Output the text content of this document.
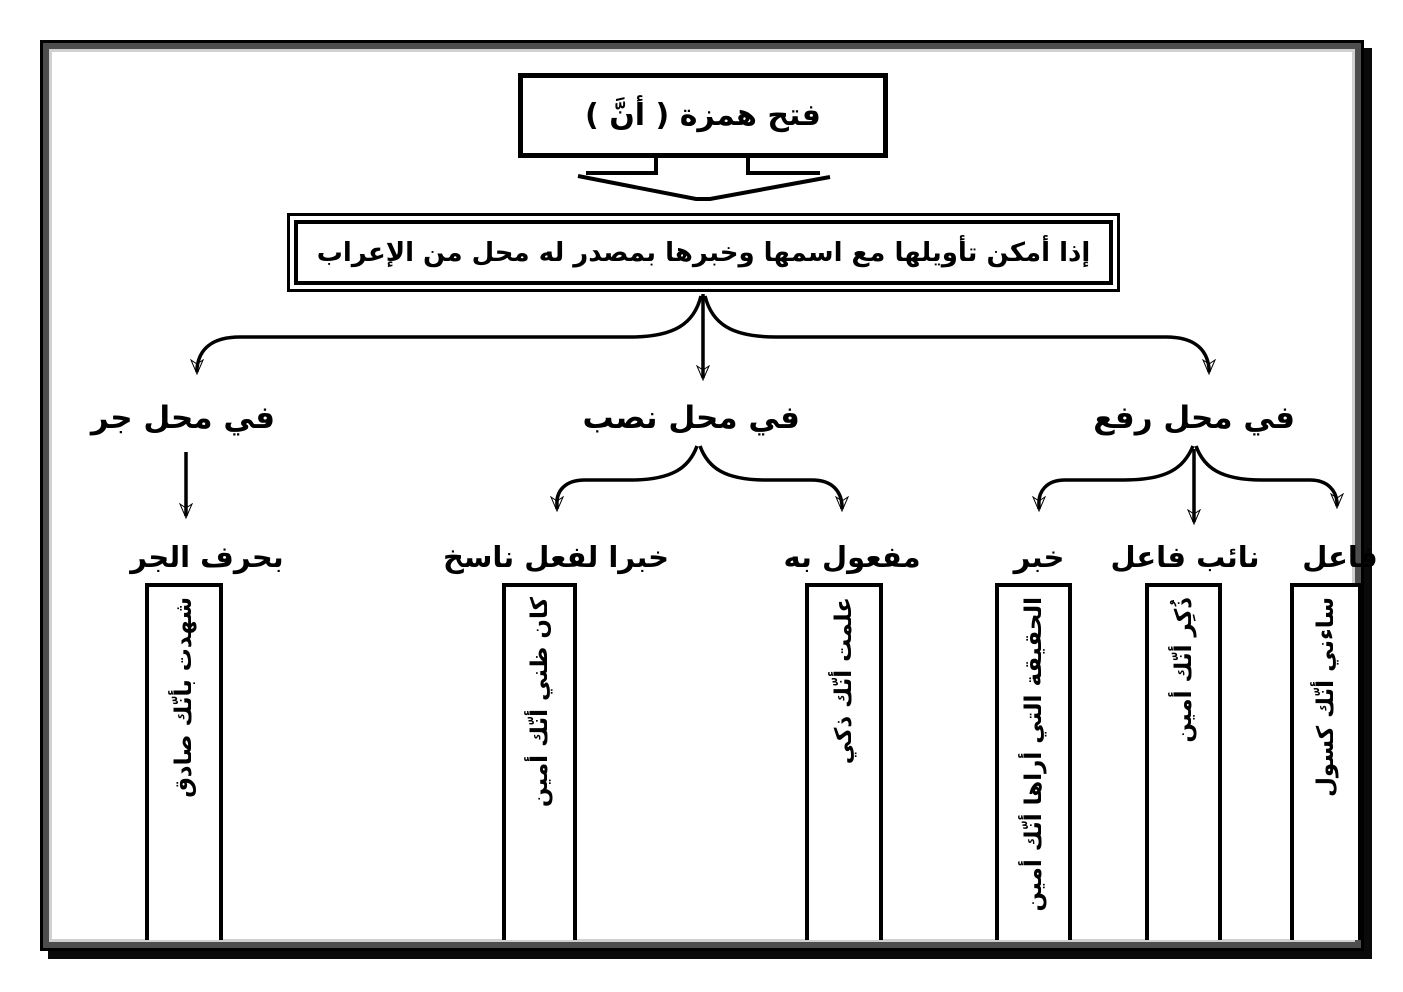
فتح همزة ( أنَّ )
إذا أمكن تأويلها مع اسمها وخبرها بمصدر له محل من الإعراب
في محل جر	في محل نصب	في محل رفع
بحرف الجر	خبرا لفعل ناسخ	مفعول به	خبر	نائب فاعل	فاعل
شهدت بأنّك صادق	كان ظني أنّك أمين	علمت أنّك ذكي	الحقيقة التي أراها أنّك أمين	ذُكِر أنّك أمين	ساءني أنّك كسول
